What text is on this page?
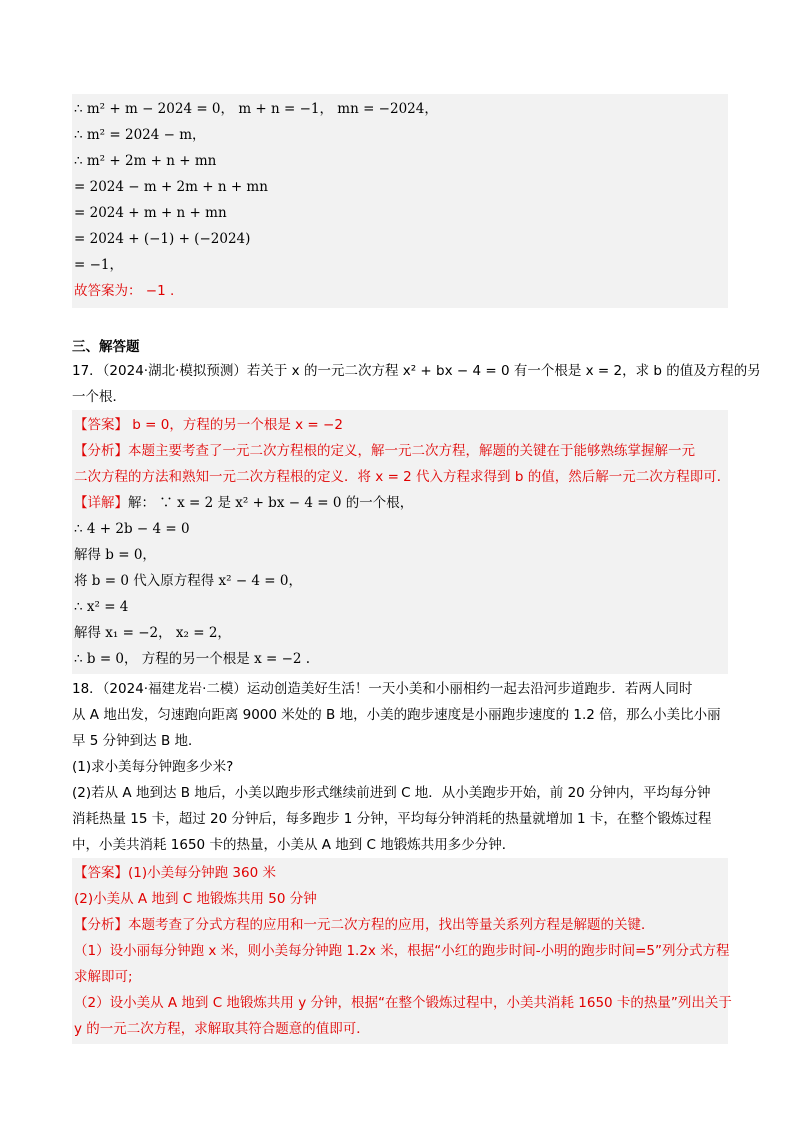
∴ m² + m − 2024 = 0， m + n = −1， mn = −2024，
∴ m² = 2024 − m，
∴ m² + 2m + n + mn
= 2024 − m + 2m + n + mn
= 2024 + m + n + mn
= 2024 + (−1) + (−2024)
= −1，
故答案为： −1 .
三、解答题
17．（2024·湖北·模拟预测）若关于 x 的一元二次方程 x² + bx − 4 = 0 有一个根是 x = 2，求 b 的值及方程的另
一个根．
【答案】 b = 0，方程的另一个根是 x = −2
【分析】本题主要考查了一元二次方程根的定义，解一元二次方程，解题的关键在于能够熟练掌握解一元
二次方程的方法和熟知一元二次方程根的定义．将 x = 2 代入方程求得到 b 的值，然后解一元二次方程即可．
【详解】解： ∵ x = 2 是 x² + bx − 4 = 0 的一个根，
∴ 4 + 2b − 4 = 0
解得 b = 0，
将 b = 0 代入原方程得 x² − 4 = 0，
∴ x² = 4
解得 x₁ = −2， x₂ = 2，
∴ b = 0， 方程的另一个根是 x = −2 .
18．（2024·福建龙岩·二模）运动创造美好生活！一天小美和小丽相约一起去沿河步道跑步．若两人同时
从 A 地出发，匀速跑向距离 9000 米处的 B 地，小美的跑步速度是小丽跑步速度的 1.2 倍，那么小美比小丽
早 5 分钟到达 B 地．
(1)求小美每分钟跑多少米?
(2)若从 A 地到达 B 地后，小美以跑步形式继续前进到 C 地．从小美跑步开始，前 20 分钟内，平均每分钟
消耗热量 15 卡，超过 20 分钟后，每多跑步 1 分钟，平均每分钟消耗的热量就增加 1 卡，在整个锻炼过程
中，小美共消耗 1650 卡的热量，小美从 A 地到 C 地锻炼共用多少分钟．
【答案】(1)小美每分钟跑 360 米
(2)小美从 A 地到 C 地锻炼共用 50 分钟
【分析】本题考查了分式方程的应用和一元二次方程的应用，找出等量关系列方程是解题的关键．
（1）设小丽每分钟跑 x 米，则小美每分钟跑 1.2x 米，根据“小红的跑步时间-小明的跑步时间=5”列分式方程
求解即可;
（2）设小美从 A 地到 C 地锻炼共用 y 分钟，根据“在整个锻炼过程中，小美共消耗 1650 卡的热量”列出关于
y 的一元二次方程，求解取其符合题意的值即可．
